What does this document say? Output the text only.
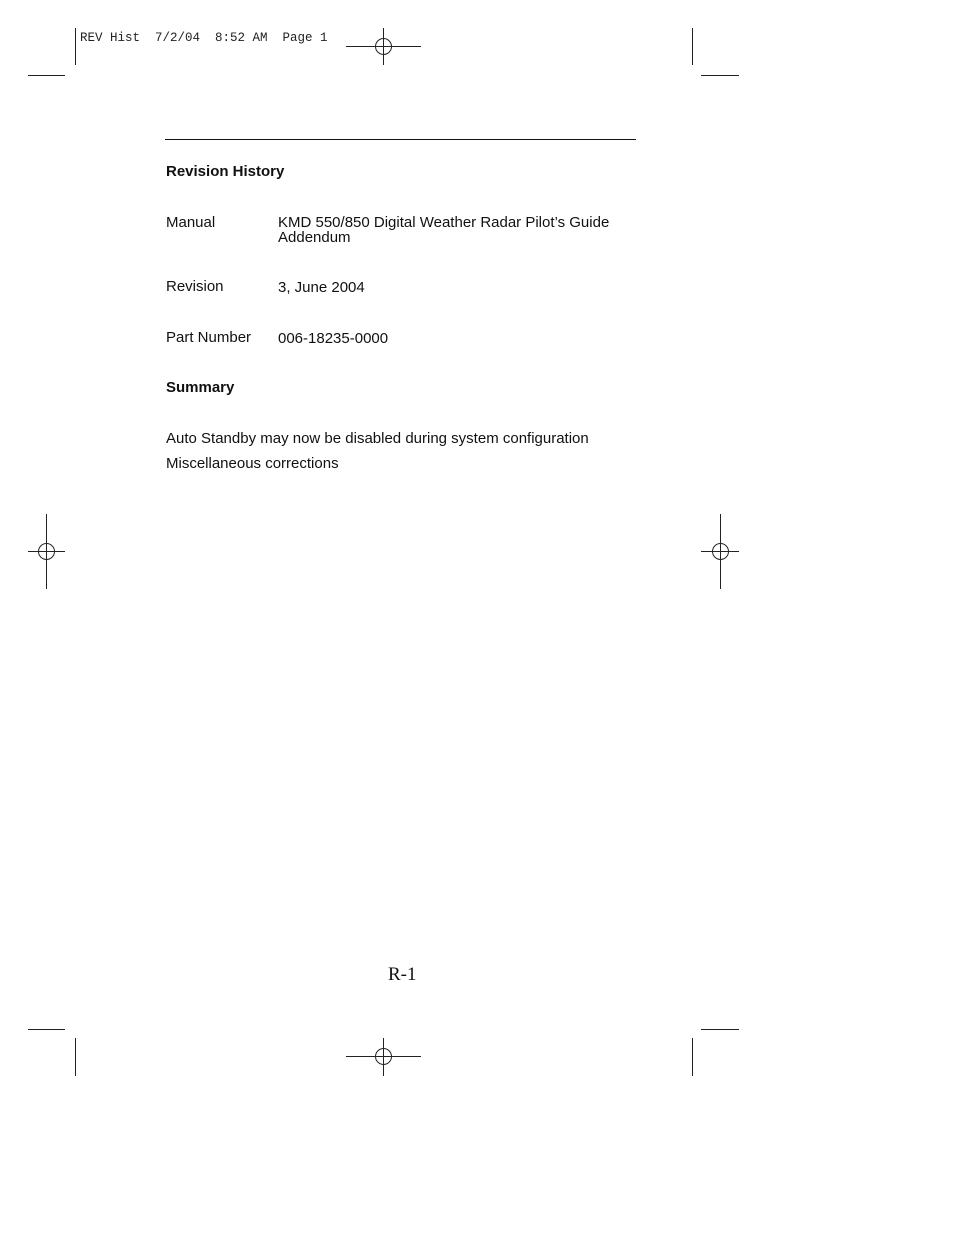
REV Hist  7/2/04  8:52 AM  Page 1
Revision History
Manual	KMD 550/850 Digital Weather Radar Pilot’s Guide
Addendum
Revision	3, June 2004
Part Number 006-18235-0000
Summary
Auto Standby may now be disabled during system configuration
Miscellaneous corrections
R-1
